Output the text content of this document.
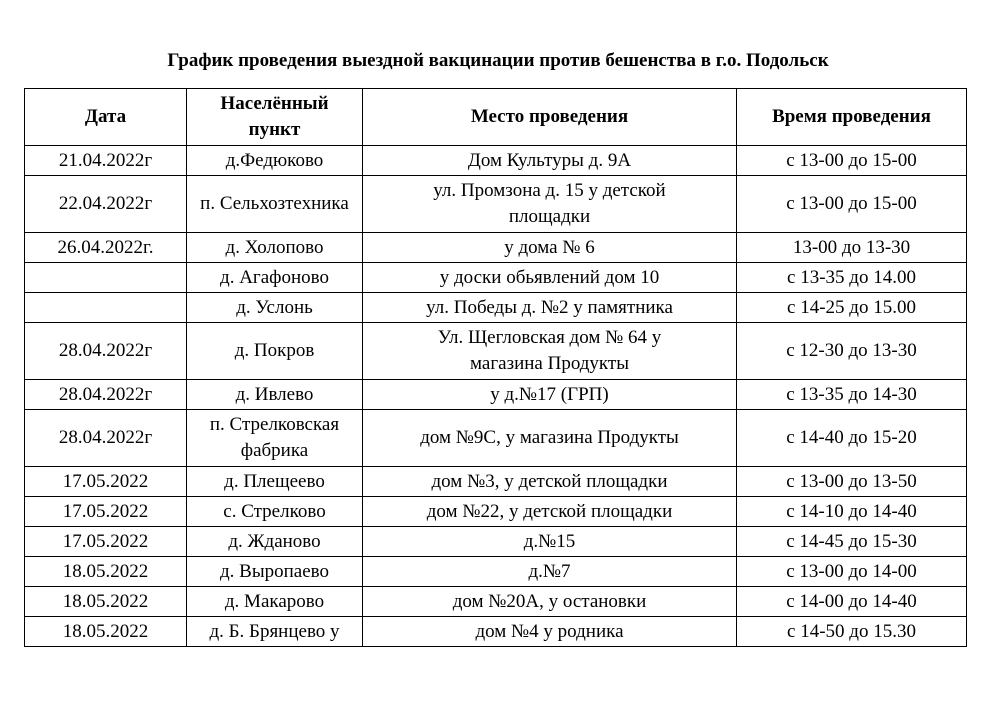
График проведения выездной вакцинации против бешенства в г.о. Подольск
Дата	Населённый пункт	Место проведения	Время проведения
21.04.2022г	д.Федюково	Дом Культуры д. 9А	с 13-00 до 15-00
22.04.2022г	п. Сельхозтехника	ул. Промзона д. 15 у детской площадки	с 13-00 до 15-00
26.04.2022г.	д. Холопово	у дома № 6	13-00 до 13-30
	д. Агафоново	у доски обьявлений дом 10	с 13-35 до 14.00
	д. Услонь	ул. Победы д. №2 у памятника	с 14-25 до 15.00
28.04.2022г	д. Покров	Ул. Щегловская дом № 64 у магазина Продукты	с 12-30 до 13-30
28.04.2022г	д. Ивлево	у д.№17 (ГРП)	с 13-35 до 14-30
28.04.2022г	п. Стрелковская фабрика	дом №9С, у магазина Продукты	с 14-40 до 15-20
17.05.2022	д. Плещеево	дом №3, у детской площадки	с 13-00 до 13-50
17.05.2022	с. Стрелково	дом №22, у детской площадки	с 14-10 до 14-40
17.05.2022	д. Жданово	д.№15	с 14-45 до 15-30
18.05.2022	д. Выропаево	д.№7	с 13-00 до 14-00
18.05.2022	д. Макарово	дом №20А, у остановки	с 14-00 до 14-40
18.05.2022	д. Б. Брянцево у	дом №4 у родника	с 14-50 до 15.30
